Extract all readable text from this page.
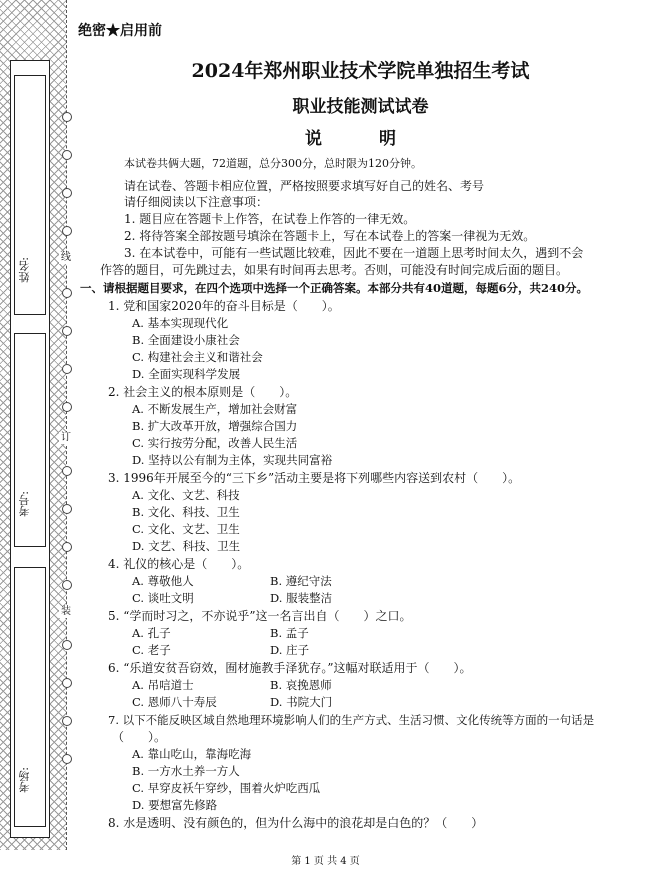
姓名:
考号:
考场:
线
订
装
绝密★启用前
2024年郑州职业技术学院单独招生考试
职业技能测试试卷
说　明
本试卷共俩大题，72道题，总分300分，总时限为120分钟。
请在试卷、答题卡相应位置，严格按照要求填写好自己的姓名、考号
请仔细阅读以下注意事项：
1. 题目应在答题卡上作答，在试卷上作答的一律无效。
2. 将待答案全部按题号填涂在答题卡上，写在本试卷上的答案一律视为无效。
3. 在本试卷中，可能有一些试题比较难，因此不要在一道题上思考时间太久，遇到不会
作答的题目，可先跳过去，如果有时间再去思考。否则，可能没有时间完成后面的题目。
一、请根据题目要求，在四个选项中选择一个正确答案。本部分共有40道题，每题6分，共240分。
1. 党和国家2020年的奋斗目标是（　　）。
A. 基本实现现代化
B. 全面建设小康社会
C. 构建社会主义和谐社会
D. 全面实现科学发展
2. 社会主义的根本原则是（　　）。
A. 不断发展生产，增加社会财富
B. 扩大改革开放，增强综合国力
C. 实行按劳分配，改善人民生活
D. 坚持以公有制为主体，实现共同富裕
3. 1996年开展至今的“三下乡”活动主要是将下列哪些内容送到农村（　　）。
A. 文化、文艺、科技
B. 文化、科技、卫生
C. 文化、文艺、卫生
D. 文艺、科技、卫生
4. 礼仪的核心是（　　）。
A. 尊敬他人	B. 遵纪守法
C. 谈吐文明	D. 服装整洁
5. “学而时习之，不亦说乎”这一名言出自（　　）之口。
A. 孔子	B. 孟子
C. 老子	D. 庄子
6. “乐道安贫吾窃效，囿材施教手泽犹存。”这幅对联适用于（　　）。
A. 吊唁道士	B. 哀挽恩师
C. 恩师八十寿辰	D. 书院大门
7. 以下不能反映区域自然地理环境影响人们的生产方式、生活习惯、文化传统等方面的一句话是
（　　）。
A. 靠山吃山，靠海吃海
B. 一方水土养一方人
C. 早穿皮袄午穿纱，围着火炉吃西瓜
D. 要想富先修路
8. 水是透明、没有颜色的，但为什么海中的浪花却是白色的？（　　）
第 1 页 共 4 页
